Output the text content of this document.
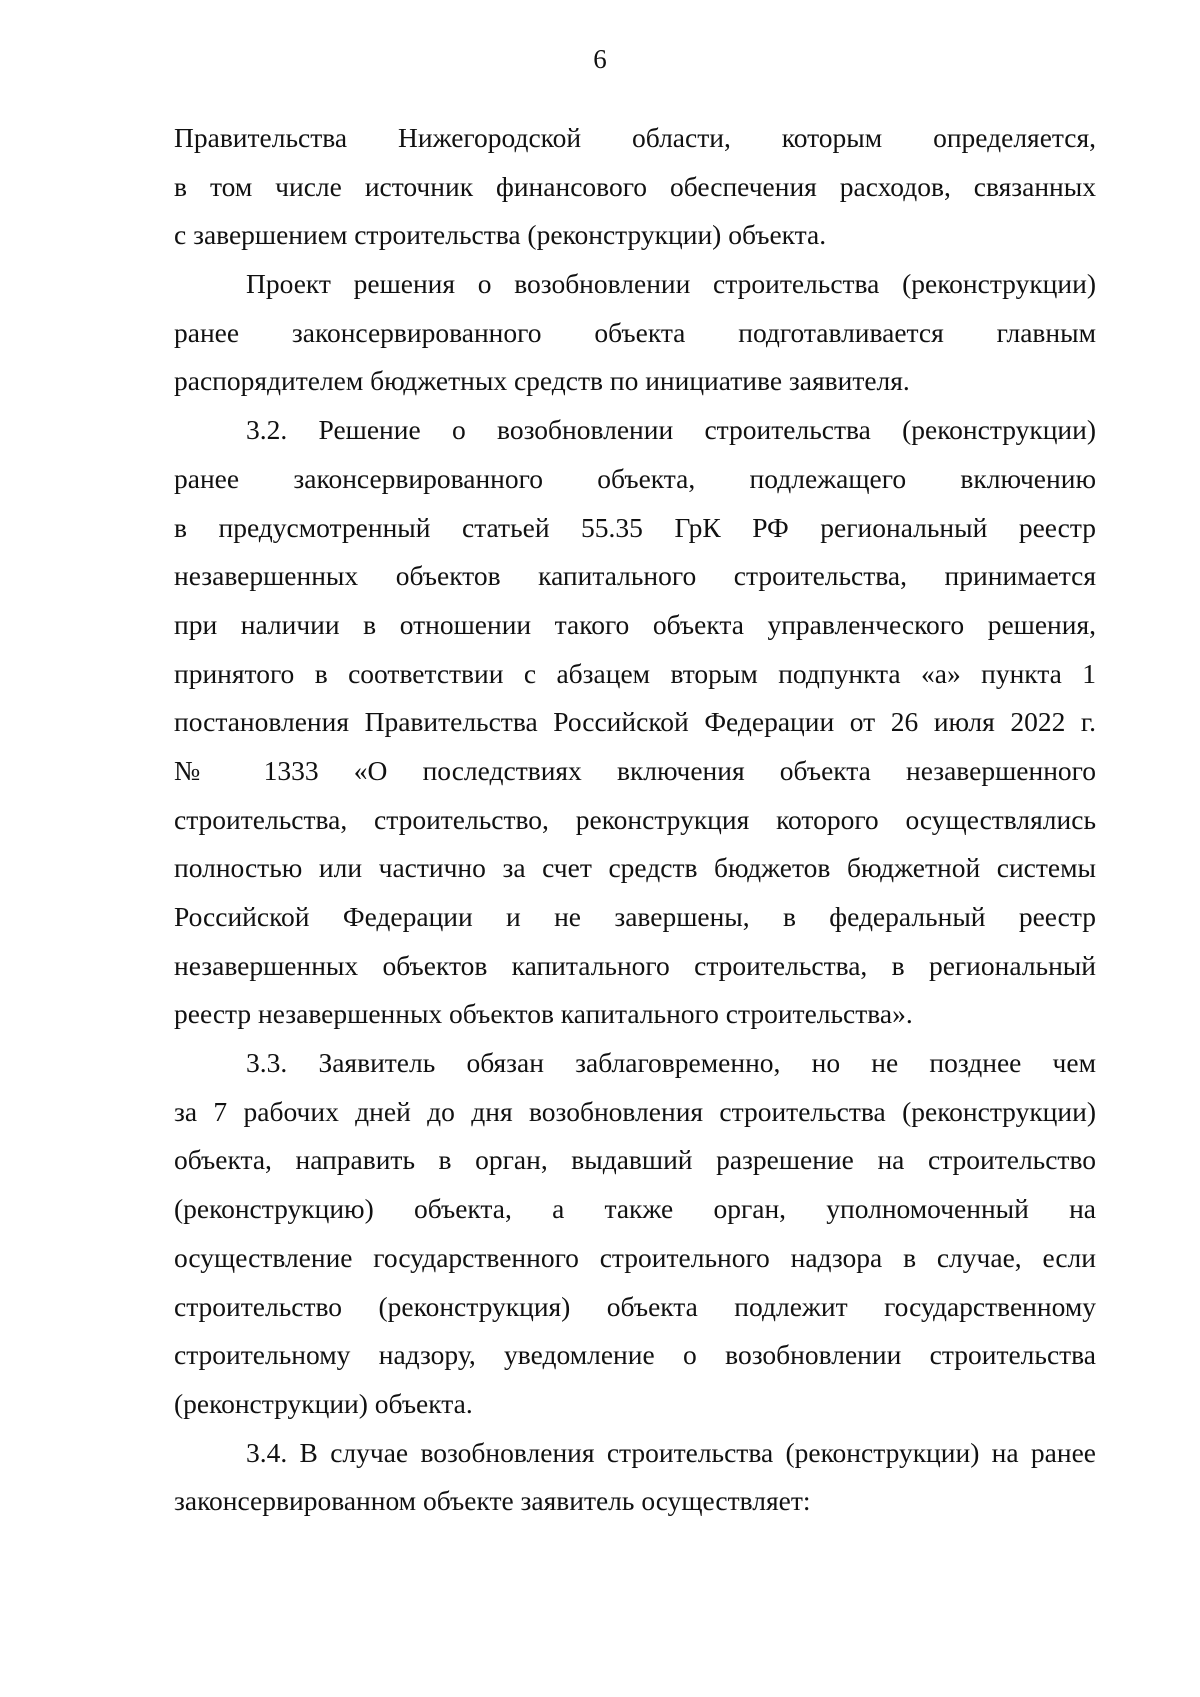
6
Правительства Нижегородской области, которым определяется,
в том числе источник финансового обеспечения расходов, связанных
с завершением строительства (реконструкции) объекта.
Проект решения о возобновлении строительства (реконструкции)
ранее законсервированного объекта подготавливается главным
распорядителем бюджетных средств по инициативе заявителя.
3.2. Решение о возобновлении строительства (реконструкции)
ранее законсервированного объекта, подлежащего включению
в предусмотренный статьей 55.35 ГрК РФ региональный реестр
незавершенных объектов капитального строительства, принимается
при наличии в отношении такого объекта управленческого решения,
принятого в соответствии с абзацем вторым подпункта «а» пункта 1
постановления Правительства Российской Федерации от 26 июля 2022 г.
№ 1333 «О последствиях включения объекта незавершенного
строительства, строительство, реконструкция которого осуществлялись
полностью или частично за счет средств бюджетов бюджетной системы
Российской Федерации и не завершены, в федеральный реестр
незавершенных объектов капитального строительства, в региональный
реестр незавершенных объектов капитального строительства».
3.3. Заявитель обязан заблаговременно, но не позднее чем
за 7 рабочих дней до дня возобновления строительства (реконструкции)
объекта, направить в орган, выдавший разрешение на строительство
(реконструкцию) объекта, а также орган, уполномоченный на
осуществление государственного строительного надзора в случае, если
строительство (реконструкция) объекта подлежит государственному
строительному надзору, уведомление о возобновлении строительства
(реконструкции) объекта.
3.4. В случае возобновления строительства (реконструкции) на ранее
законсервированном объекте заявитель осуществляет:
